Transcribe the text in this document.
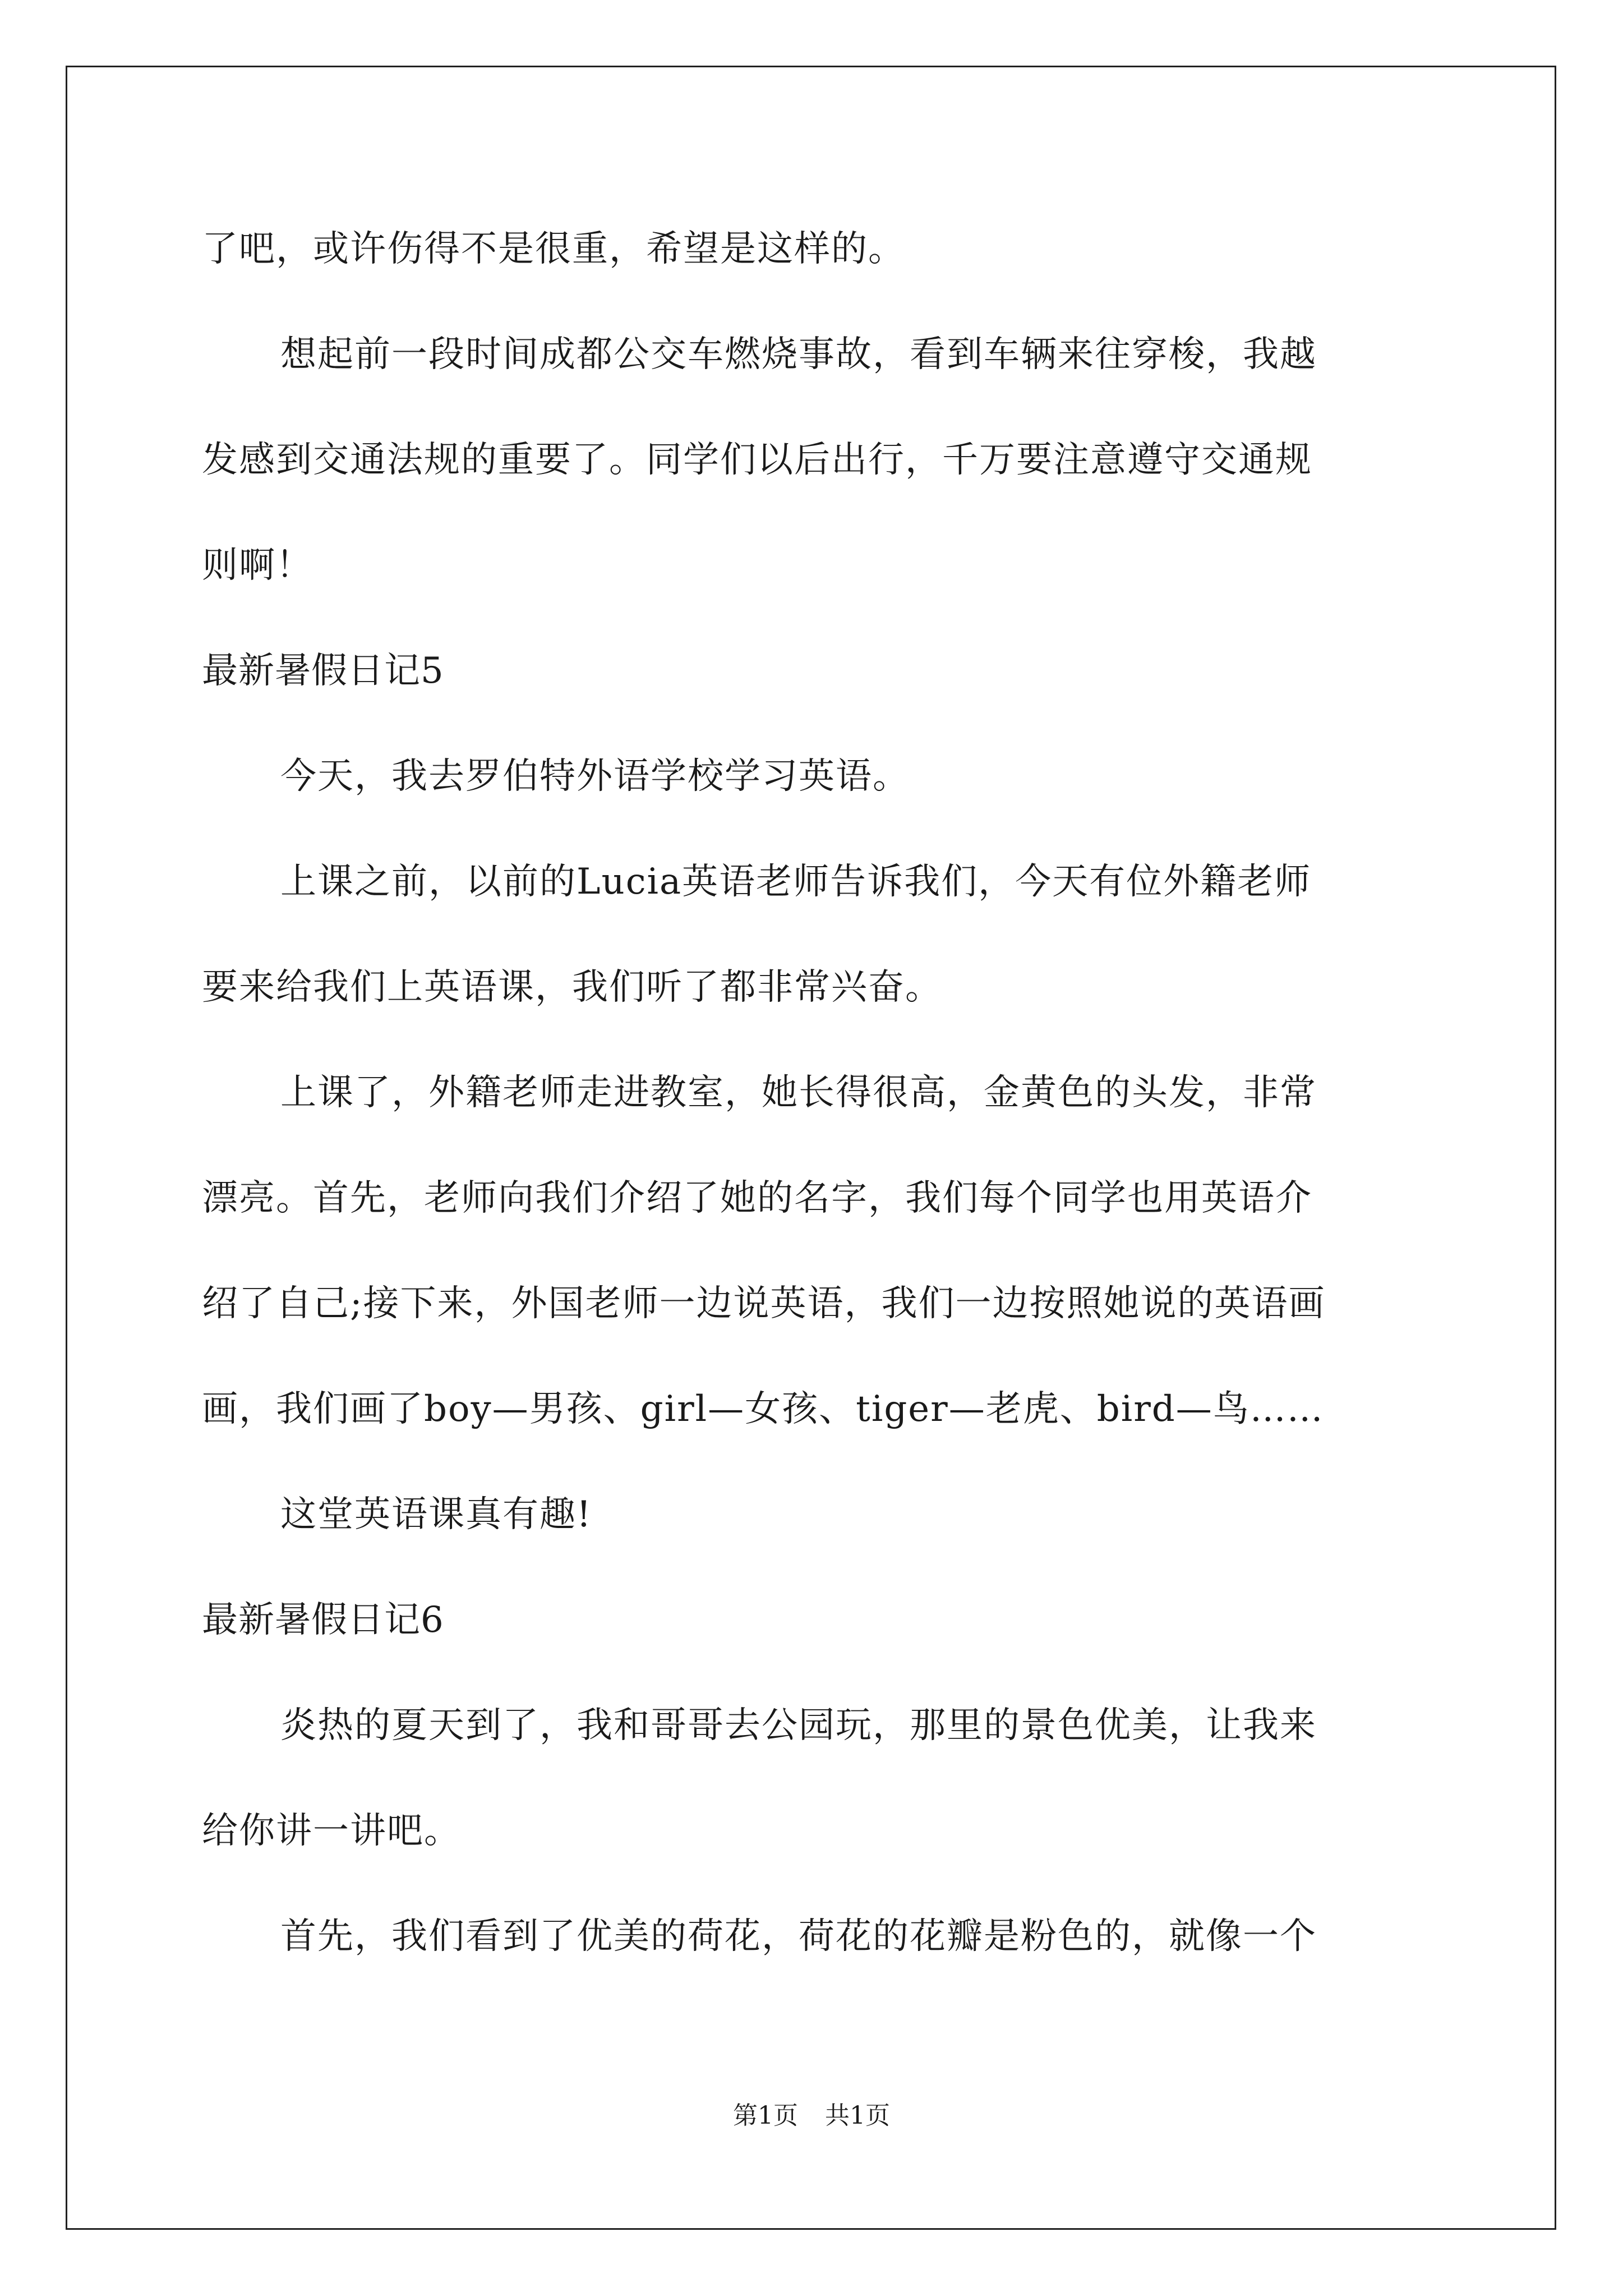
了吧，或许伤得不是很重，希望是这样的。
想起前一段时间成都公交车燃烧事故，看到车辆来往穿梭，我越
发感到交通法规的重要了。同学们以后出行，千万要注意遵守交通规
则啊！
最新暑假日记5
今天，我去罗伯特外语学校学习英语。
上课之前，以前的Lucia英语老师告诉我们，今天有位外籍老师
要来给我们上英语课，我们听了都非常兴奋。
上课了，外籍老师走进教室，她长得很高，金黄色的头发，非常
漂亮。首先，老师向我们介绍了她的名字，我们每个同学也用英语介
绍了自己;接下来，外国老师一边说英语，我们一边按照她说的英语画
画，我们画了boy—男孩、girl—女孩、tiger—老虎、bird—鸟……
这堂英语课真有趣!
最新暑假日记6
炎热的夏天到了，我和哥哥去公园玩，那里的景色优美，让我来
给你讲一讲吧。
首先，我们看到了优美的荷花，荷花的花瓣是粉色的，就像一个
第1页 共1页
